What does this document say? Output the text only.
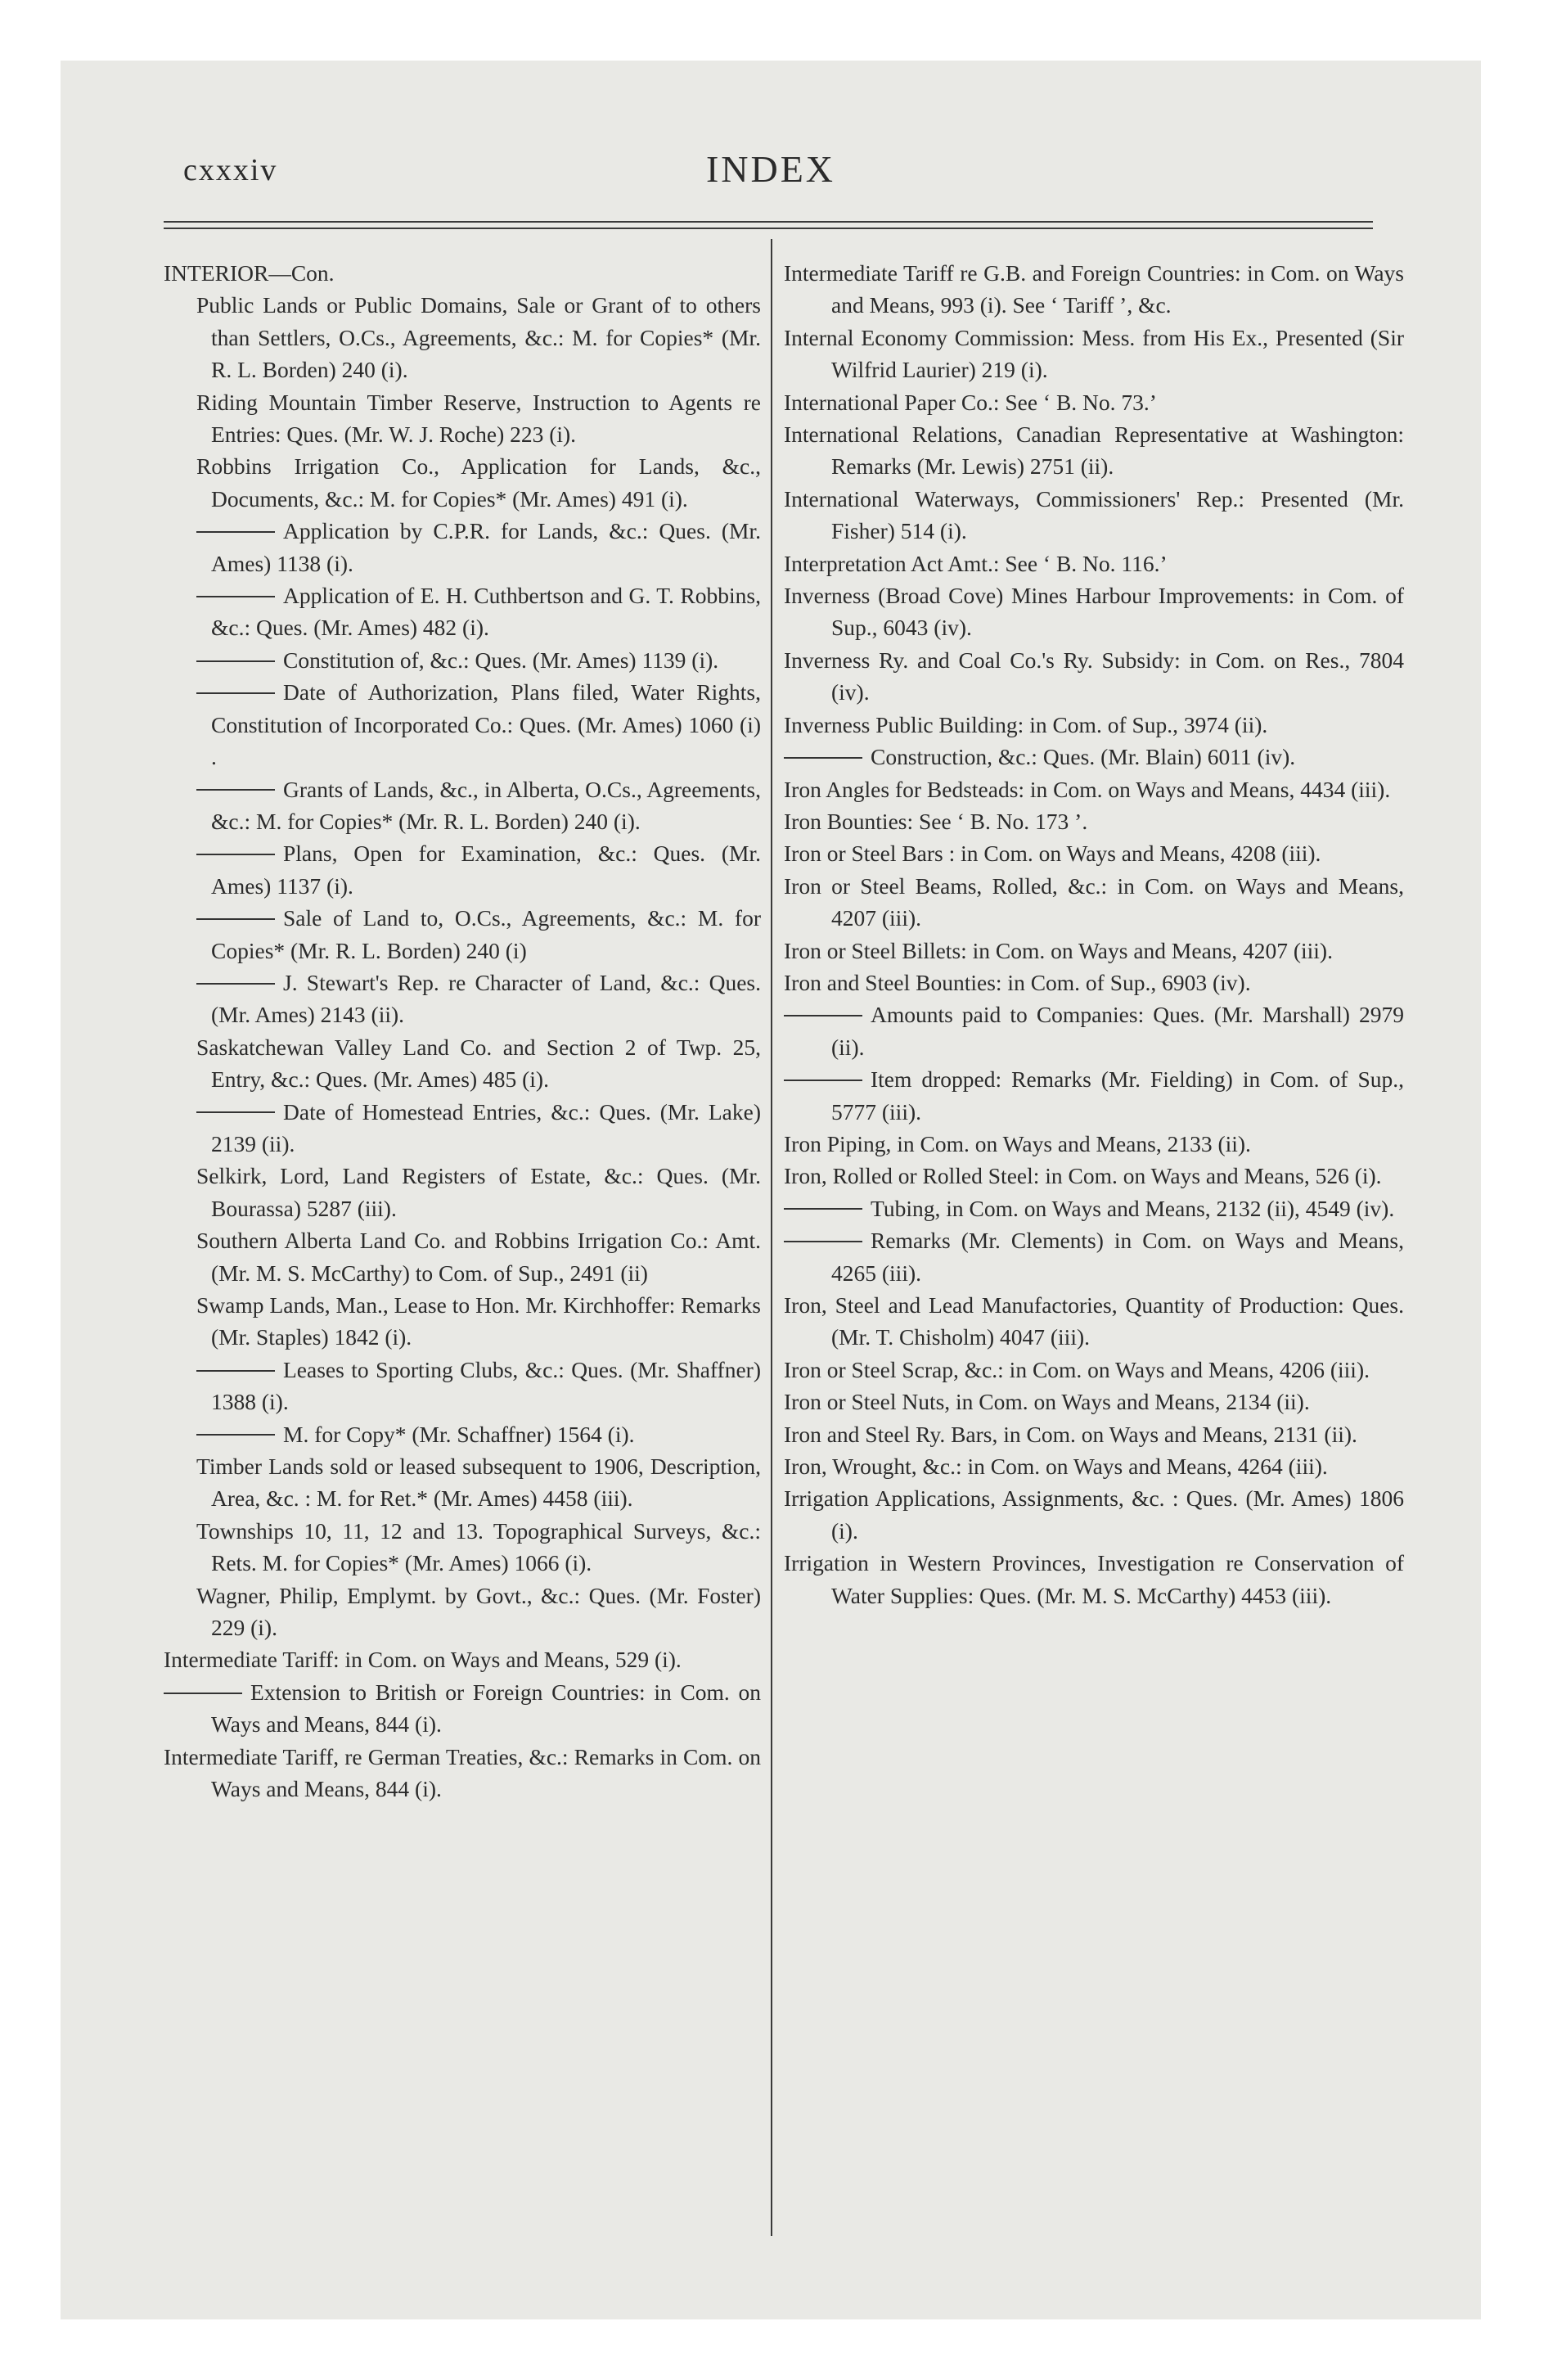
cxxxiv	INDEX

INTERIOR—Con.

Public Lands or Public Domains, Sale or Grant of to others than Settlers, O.Cs., Agreements, &c.: M. for Copies* (Mr. R. L. Borden) 240 (i).

Riding Mountain Timber Reserve, Instruction to Agents re Entries: Ques. (Mr. W. J. Roche) 223 (i).

Robbins Irrigation Co., Application for Lands, &c., Documents, &c.: M. for Copies* (Mr. Ames) 491 (i).

Application by C.P.R. for Lands, &c.: Ques. (Mr. Ames) 1138 (i).

Application of E. H. Cuthbertson and G. T. Robbins, &c.: Ques. (Mr. Ames) 482 (i).

Constitution of, &c.: Ques. (Mr. Ames) 1139 (i).

Date of Authorization, Plans filed, Water Rights, Constitution of Incorporated Co.: Ques. (Mr. Ames) 1060 (i) .

Grants of Lands, &c., in Alberta, O.Cs., Agreements, &c.: M. for Copies* (Mr. R. L. Borden) 240 (i).

Plans, Open for Examination, &c.: Ques. (Mr. Ames) 1137 (i).

Sale of Land to, O.Cs., Agreements, &c.: M. for Copies* (Mr. R. L. Borden) 240 (i)

J. Stewart's Rep. re Character of Land, &c.: Ques. (Mr. Ames) 2143 (ii).

Saskatchewan Valley Land Co. and Section 2 of Twp. 25, Entry, &c.: Ques. (Mr. Ames) 485 (i).

Date of Homestead Entries, &c.: Ques. (Mr. Lake) 2139 (ii).

Selkirk, Lord, Land Registers of Estate, &c.: Ques. (Mr. Bourassa) 5287 (iii).

Southern Alberta Land Co. and Robbins Irrigation Co.: Amt. (Mr. M. S. McCarthy) to Com. of Sup., 2491 (ii)

Swamp Lands, Man., Lease to Hon. Mr. Kirchhoffer: Remarks (Mr. Staples) 1842 (i).

Leases to Sporting Clubs, &c.: Ques. (Mr. Shaffner) 1388 (i).

M. for Copy* (Mr. Schaffner) 1564 (i).

Timber Lands sold or leased subsequent to 1906, Description, Area, &c. : M. for Ret.* (Mr. Ames) 4458 (iii).

Townships 10, 11, 12 and 13. Topographical Surveys, &c.: Rets. M. for Copies* (Mr. Ames) 1066 (i).

Wagner, Philip, Emplymt. by Govt., &c.: Ques. (Mr. Foster) 229 (i).

Intermediate Tariff: in Com. on Ways and Means, 529 (i).

Extension to British or Foreign Countries: in Com. on Ways and Means, 844 (i).

Intermediate Tariff, re German Treaties, &c.: Remarks in Com. on Ways and Means, 844 (i).

Intermediate Tariff re G.B. and Foreign Countries: in Com. on Ways and Means, 993 (i). See ‘ Tariff ’, &c.

Internal Economy Commission: Mess. from His Ex., Presented (Sir Wilfrid Laurier) 219 (i).

International Paper Co.: See ‘ B. No. 73.’

International Relations, Canadian Representative at Washington: Remarks (Mr. Lewis) 2751 (ii).

International Waterways, Commissioners' Rep.: Presented (Mr. Fisher) 514 (i).

Interpretation Act Amt.: See ‘ B. No. 116.’

Inverness (Broad Cove) Mines Harbour Improvements: in Com. of Sup., 6043 (iv).

Inverness Ry. and Coal Co.'s Ry. Subsidy: in Com. on Res., 7804 (iv).

Inverness Public Building: in Com. of Sup., 3974 (ii).

Construction, &c.: Ques. (Mr. Blain) 6011 (iv).

Iron Angles for Bedsteads: in Com. on Ways and Means, 4434 (iii).

Iron Bounties: See ‘ B. No. 173 ’.

Iron or Steel Bars : in Com. on Ways and Means, 4208 (iii).

Iron or Steel Beams, Rolled, &c.: in Com. on Ways and Means, 4207 (iii).

Iron or Steel Billets: in Com. on Ways and Means, 4207 (iii).

Iron and Steel Bounties: in Com. of Sup., 6903 (iv).

Amounts paid to Companies: Ques. (Mr. Marshall) 2979 (ii).

Item dropped: Remarks (Mr. Fielding) in Com. of Sup., 5777 (iii).

Iron Piping, in Com. on Ways and Means, 2133 (ii).

Iron, Rolled or Rolled Steel: in Com. on Ways and Means, 526 (i).

Tubing, in Com. on Ways and Means, 2132 (ii), 4549 (iv).

Remarks (Mr. Clements) in Com. on Ways and Means, 4265 (iii).

Iron, Steel and Lead Manufactories, Quantity of Production: Ques. (Mr. T. Chisholm) 4047 (iii).

Iron or Steel Scrap, &c.: in Com. on Ways and Means, 4206 (iii).

Iron or Steel Nuts, in Com. on Ways and Means, 2134 (ii).

Iron and Steel Ry. Bars, in Com. on Ways and Means, 2131 (ii).

Iron, Wrought, &c.: in Com. on Ways and Means, 4264 (iii).

Irrigation Applications, Assignments, &c. : Ques. (Mr. Ames) 1806 (i).

Irrigation in Western Provinces, Investigation re Conservation of Water Supplies: Ques. (Mr. M. S. McCarthy) 4453 (iii).
